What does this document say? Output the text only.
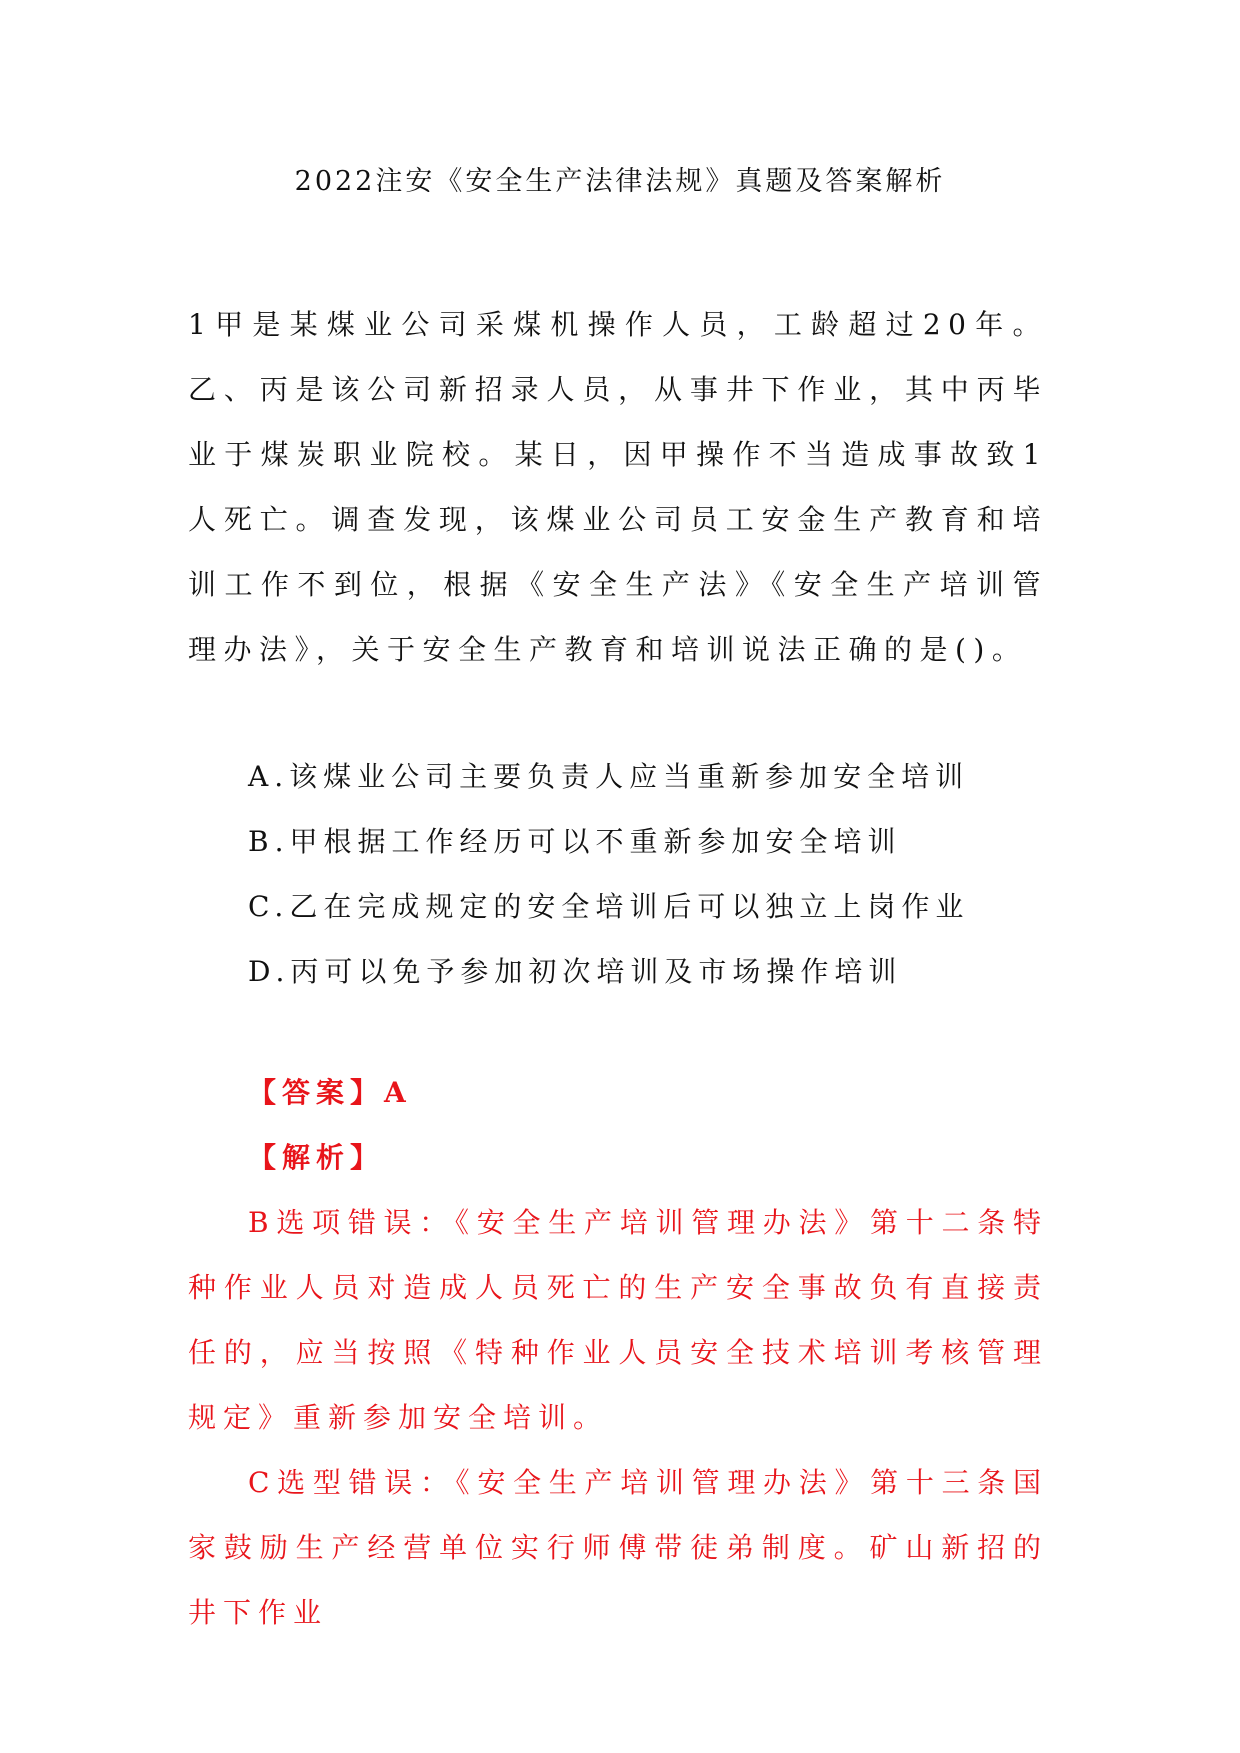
2022注安《安全生产法律法规》真题及答案解析

1甲是某煤业公司采煤机操作人员，工龄超过20年。乙、丙是该公司新招录人员，从事井下作业，其中丙毕业于煤炭职业院校。某日，因甲操作不当造成事故致1人死亡。调查发现，该煤业公司员工安金生产教育和培训工作不到位，根据《安全生产法》《安全生产培训管理办法》，关于安全生产教育和培训说法正确的是()。

A.该煤业公司主要负责人应当重新参加安全培训
B.甲根据工作经历可以不重新参加安全培训
C.乙在完成规定的安全培训后可以独立上岗作业
D.丙可以免予参加初次培训及市场操作培训
【答案】A
【解析】

B选项错误：《安全生产培训管理办法》第十二条特种作业人员对造成人员死亡的生产安全事故负有直接责任的，应当按照《特种作业人员安全技术培训考核管理规定》重新参加安全培训。

C选型错误：《安全生产培训管理办法》第十三条国家鼓励生产经营单位实行师傅带徒弟制度。矿山新招的井下作业
